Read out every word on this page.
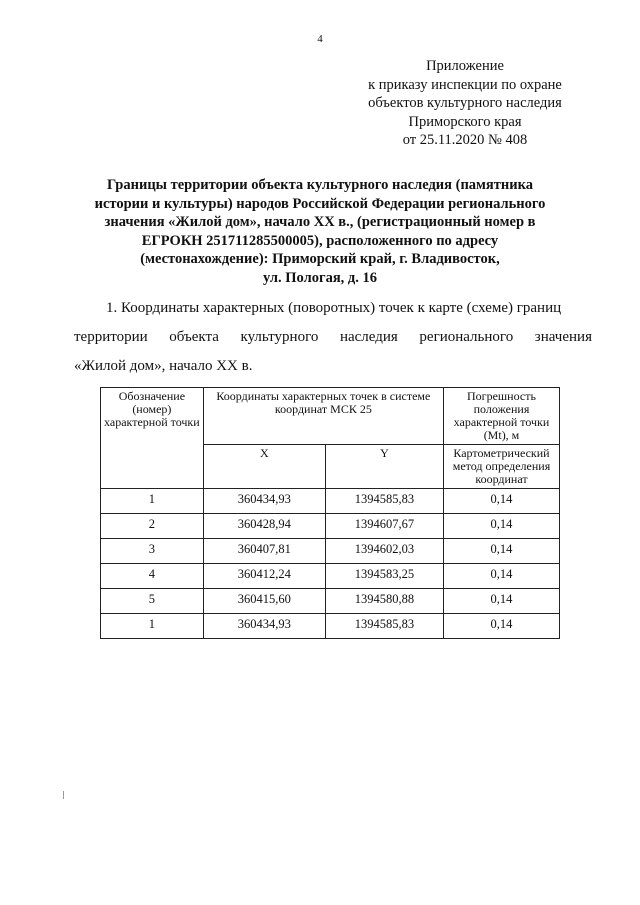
4
Приложение
к приказу инспекции по охране
объектов культурного наследия
Приморского края
от 25.11.2020 № 408
Границы территории объекта культурного наследия (памятника
истории и культуры) народов Российской Федерации регионального
значения «Жилой дом», начало XX в., (регистрационный номер в
ЕГРОКН 251711285500005), расположенного по адресу
(местонахождение): Приморский край, г. Владивосток,
ул. Пологая, д. 16
1. Координаты характерных (поворотных) точек к карте (схеме) границ
территории объекта культурного наследия регионального значения
«Жилой дом», начало XX в.
Обозначение (номер) характерной точки	Координаты характерных точек в системе координат МСК 25		Погрешность положения характерной точки (Mt), м
	X	Y	Картометрический метод определения координат
1	360434,93	1394585,83	0,14
2	360428,94	1394607,67	0,14
3	360407,81	1394602,03	0,14
4	360412,24	1394583,25	0,14
5	360415,60	1394580,88	0,14
1	360434,93	1394585,83	0,14
